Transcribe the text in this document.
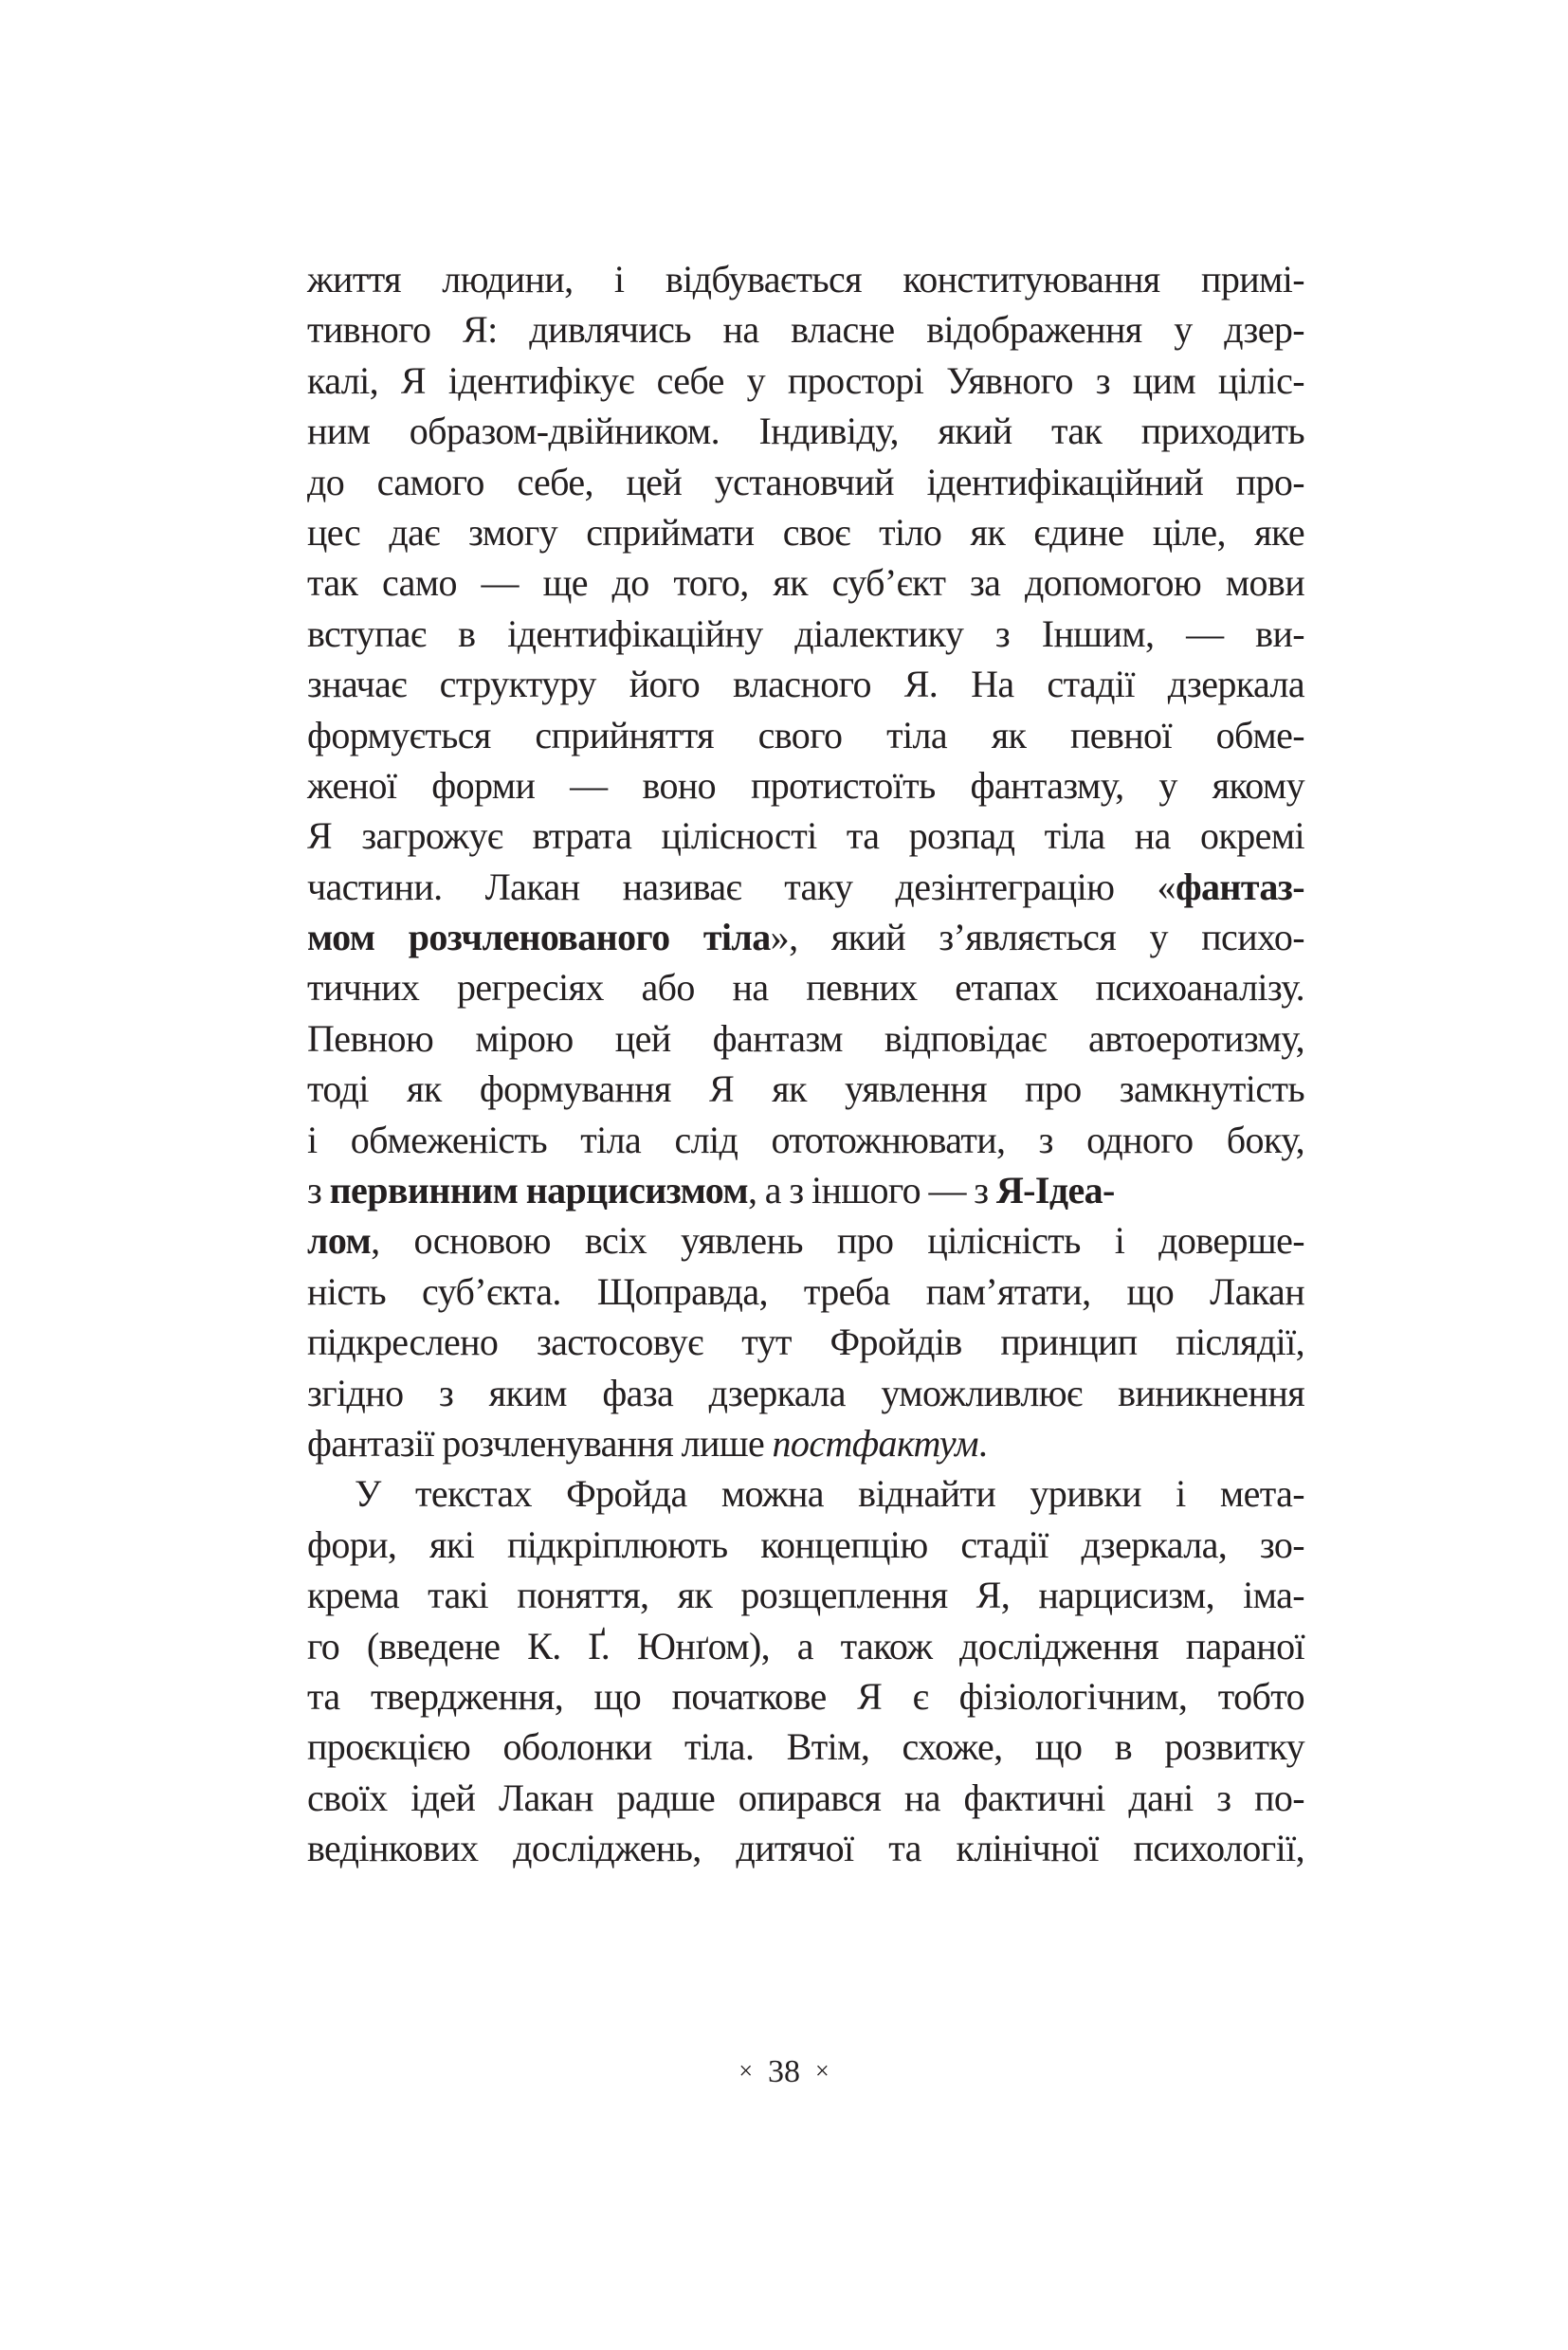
життя людини, і відбувається конституювання примі-
тивного Я: дивлячись на власне відображення у дзер-
калі, Я ідентифікує себе у просторі Уявного з цим ціліс-
ним образом-двійником. Індивіду, який так приходить
до самого себе, цей установчий ідентифікаційний про-
цес дає змогу сприймати своє тіло як єдине ціле, яке
так само — ще до того, як суб’єкт за допомогою мови
вступає в ідентифікаційну діалектику з Іншим, — ви-
значає структуру його власного Я. На стадії дзеркала
формується сприйняття свого тіла як певної обме-
женої форми — воно протистоїть фантазму, у якому
Я загрожує втрата цілісності та розпад тіла на окремі
частини. Лакан називає таку дезінтеграцію «фантаз-
мом розчленованого тіла», який з’являється у психо-
тичних регресіях або на певних етапах психоаналізу.
Певною мірою цей фантазм відповідає автоеротизму,
тоді як формування Я як уявлення про замкнутість
і обмеженість тіла слід ототожнювати, з одного боку,
з первинним нарцисизмом, а з іншого — з Я-Ідеа-
лом, основою всіх уявлень про цілісність і доверше-
ність суб’єкта. Щоправда, треба пам’ятати, що Лакан
підкреслено застосовує тут Фройдів принцип післядії,
згідно з яким фаза дзеркала уможливлює виникнення
фантазії розчленування лише постфактум.
У текстах Фройда можна віднайти уривки і мета-
фори, які підкріплюють концепцію стадії дзеркала, зо-
крема такі поняття, як розщеплення Я, нарцисизм, іма-
го (введене К. Ґ. Юнґом), а також дослідження параної
та твердження, що початкове Я є фізіологічним, тобто
проєкцією оболонки тіла. Втім, схоже, що в розвитку
своїх ідей Лакан радше опирався на фактичні дані з по-
ведінкових досліджень, дитячої та клінічної психології,
× 38 ×
